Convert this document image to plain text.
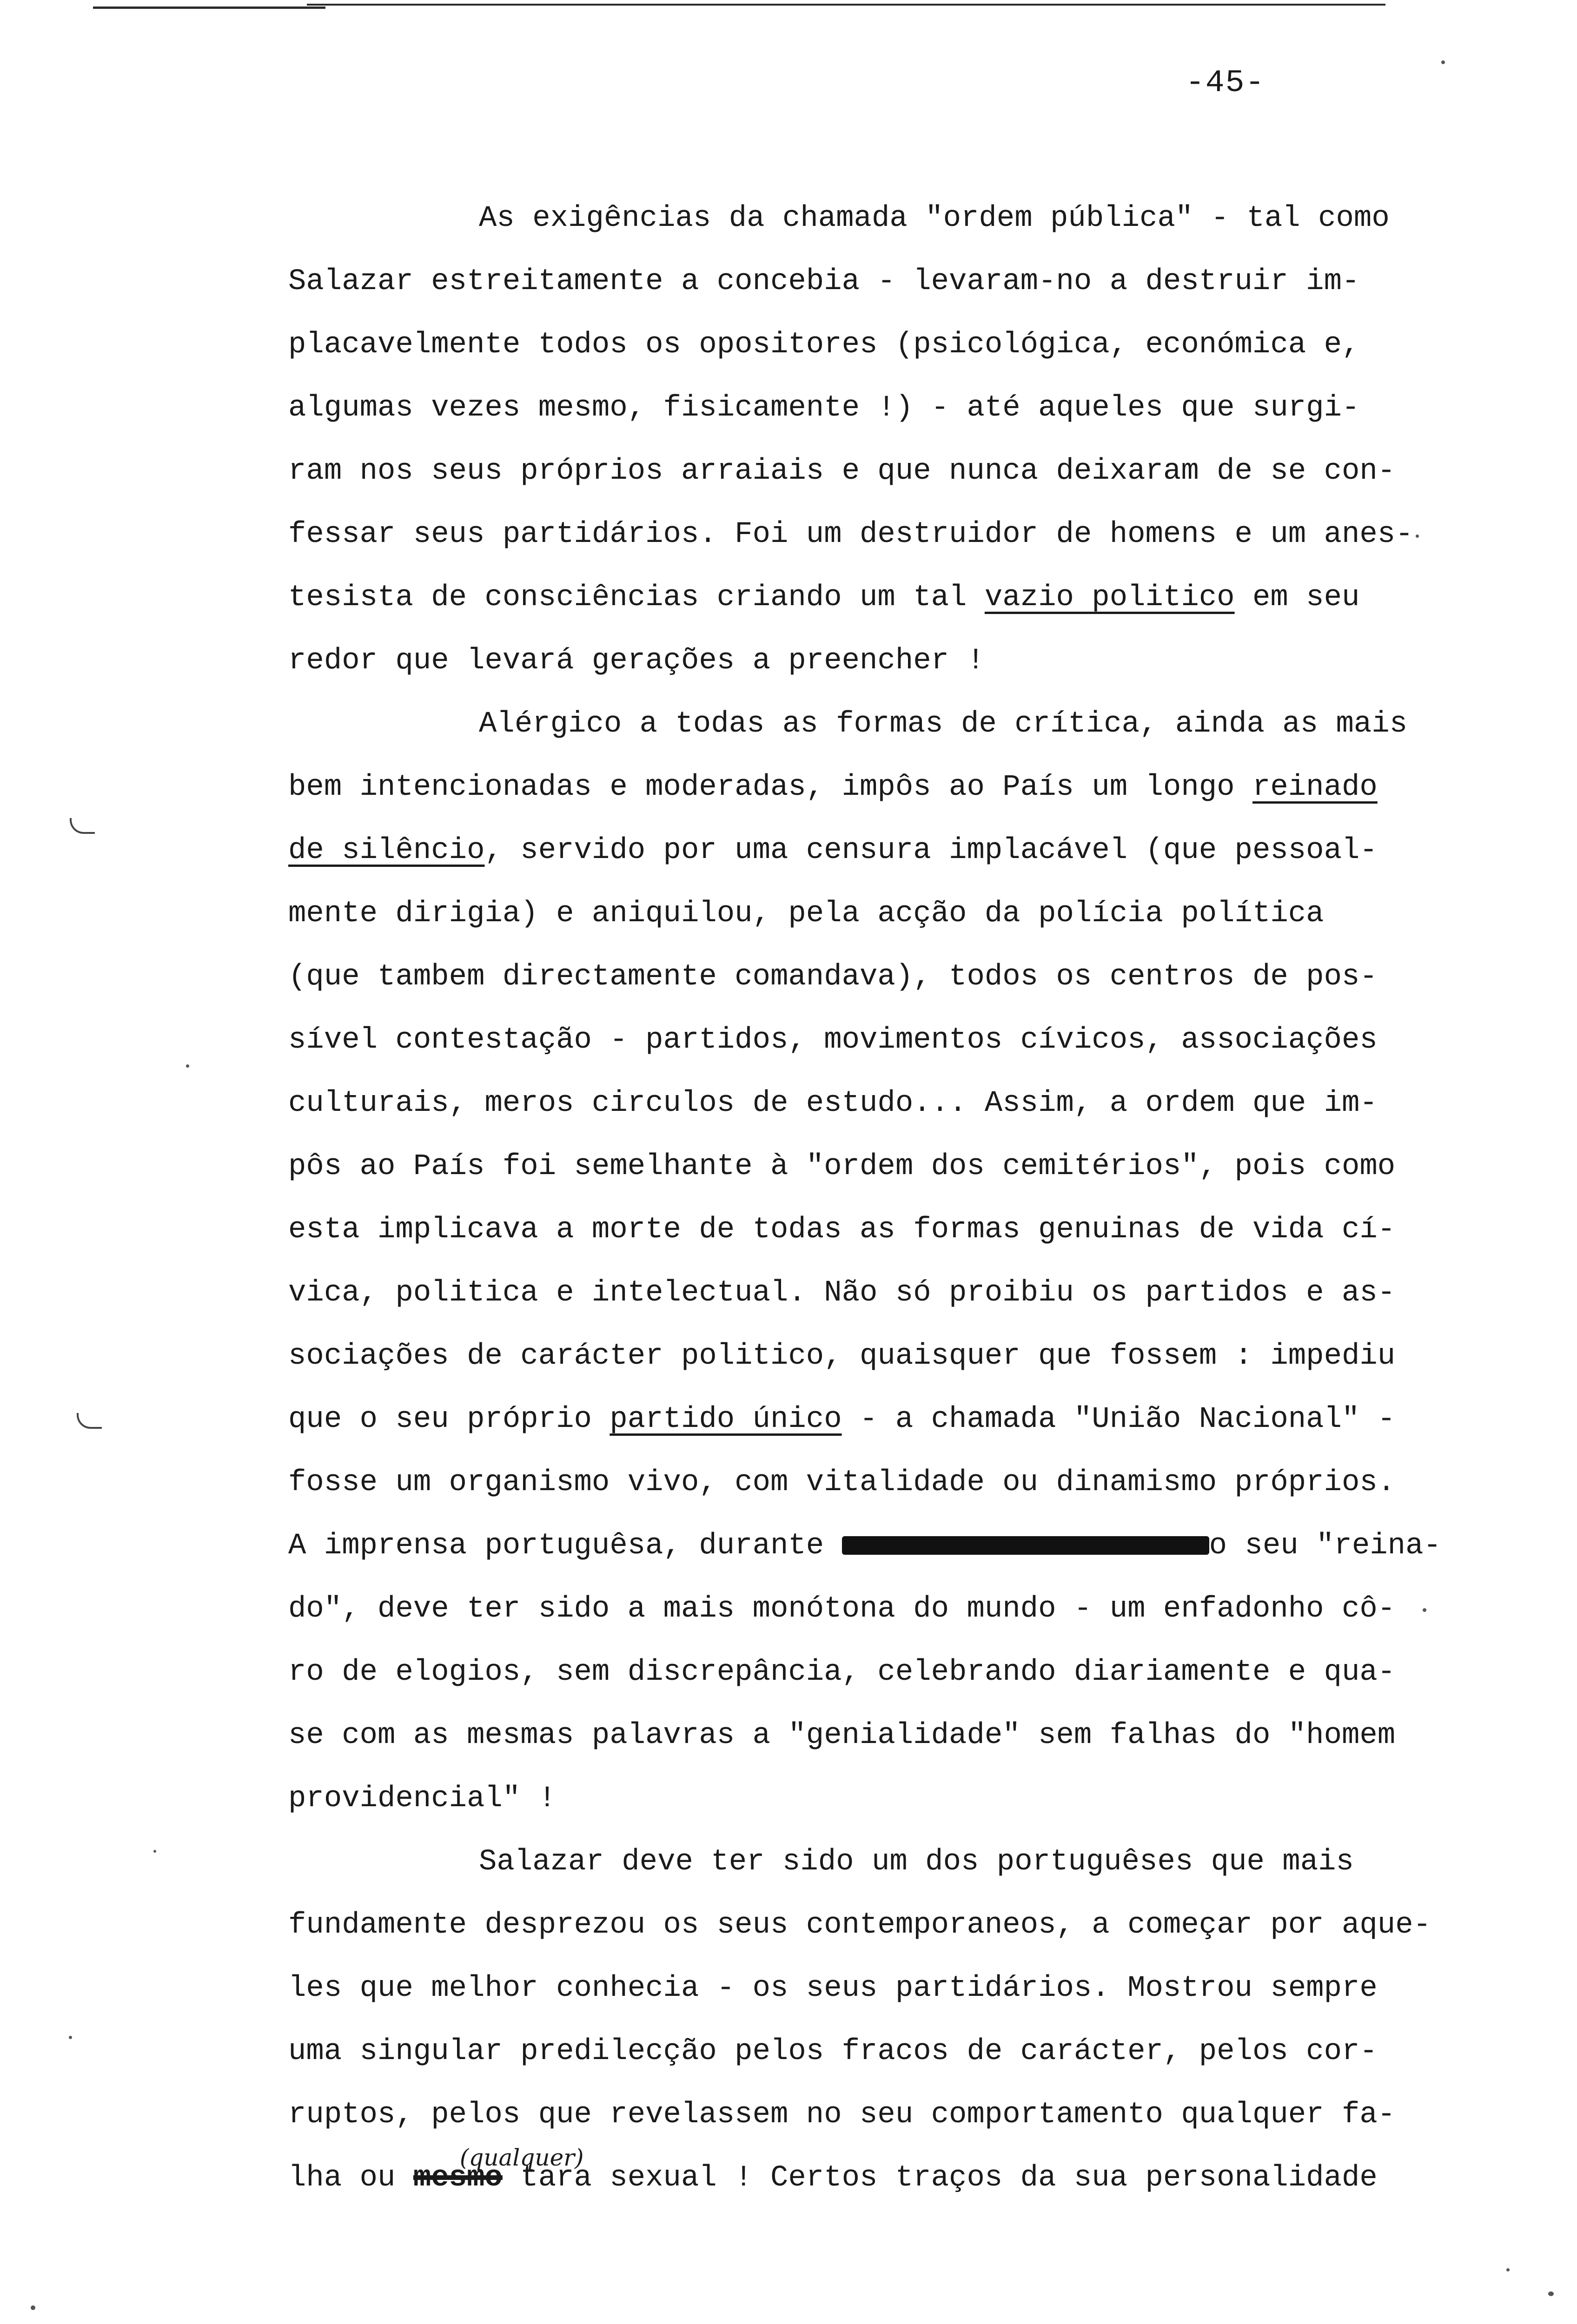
-45-
As exigências da chamada "ordem pública" - tal como
Salazar estreitamente a concebia - levaram-no a destruir im-
placavelmente todos os opositores (psicológica, económica e,
algumas vezes mesmo, fisicamente !) - até aqueles que surgi-
ram nos seus próprios arraiais e que nunca deixaram de se con-
fessar seus partidários. Foi um destruidor de homens e um anes-
tesista de consciências criando um tal vazio politico em seu
redor que levará gerações a preencher !
Alérgico a todas as formas de crítica, ainda as mais
bem intencionadas e moderadas, impôs ao País um longo reinado
de silêncio, servido por uma censura implacável (que pessoal-
mente dirigia) e aniquilou, pela acção da polícia política
(que tambem directamente comandava), todos os centros de pos-
sível contestação - partidos, movimentos cívicos, associações
culturais, meros circulos de estudo... Assim, a ordem que im-
pôs ao País foi semelhante à "ordem dos cemitérios", pois como
esta implicava a morte de todas as formas genuinas de vida cí-
vica, politica e intelectual. Não só proibiu os partidos e as-
sociações de carácter politico, quaisquer que fossem : impediu
que o seu próprio partido único - a chamada "União Nacional" -
fosse um organismo vivo, com vitalidade ou dinamismo próprios.
A imprensa portuguêsa, durante	o seu "reina-
do", deve ter sido a mais monótona do mundo - um enfadonho cô-
ro de elogios, sem discrepância, celebrando diariamente e qua-
se com as mesmas palavras a "genialidade" sem falhas do "homem
providencial" !
Salazar deve ter sido um dos portuguêses que mais
fundamente desprezou os seus contemporaneos, a começar por aque-
les que melhor conhecia - os seus partidários. Mostrou sempre
uma singular predilecção pelos fracos de carácter, pelos cor-
ruptos, pelos que revelassem no seu comportamento qualquer fa-
lha ou mesmo
(qualquer)
tara sexual ! Certos traços da sua personalidade
